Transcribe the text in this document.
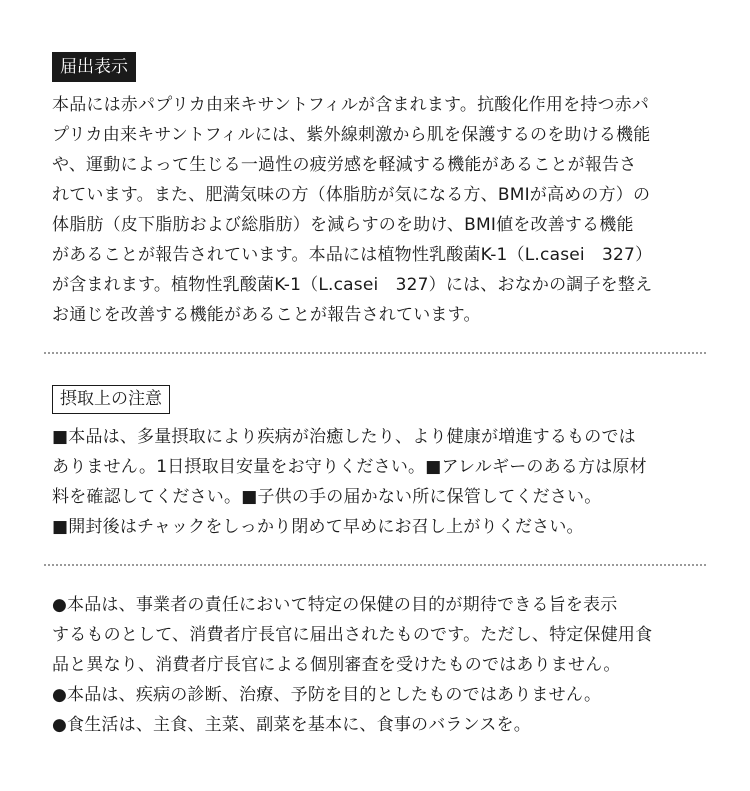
届出表示

本品には赤パプリカ由来キサントフィルが含まれます。抗酸化作用を持つ赤パ

プリカ由来キサントフィルには、紫外線刺激から肌を保護するのを助ける機能

や、運動によって生じる一過性の疲労感を軽減する機能があることが報告さ

れています。また、肥満気味の方（体脂肪が気になる方、BMIが高めの方）の

体脂肪（皮下脂肪および総脂肪）を減らすのを助け、BMI値を改善する機能

があることが報告されています。本品には植物性乳酸菌K-1（L.casei　327）

が含まれます。植物性乳酸菌K-1（L.casei　327）には、おなかの調子を整え

お通じを改善する機能があることが報告されています。

摂取上の注意

■本品は、多量摂取により疾病が治癒したり、より健康が増進するものでは

ありません。1日摂取目安量をお守りください。■アレルギーのある方は原材

料を確認してください。■子供の手の届かない所に保管してください。

■開封後はチャックをしっかり閉めて早めにお召し上がりください。

●本品は、事業者の責任において特定の保健の目的が期待できる旨を表示

するものとして、消費者庁長官に届出されたものです。ただし、特定保健用食

品と異なり、消費者庁長官による個別審査を受けたものではありません。

●本品は、疾病の診断、治療、予防を目的としたものではありません。

●食生活は、主食、主菜、副菜を基本に、食事のバランスを。
